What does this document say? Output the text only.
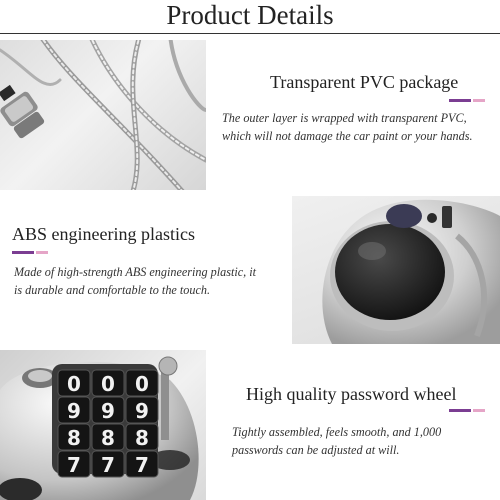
Product Details
Transparent PVC package
The outer layer is wrapped with transparent PVC, which will not damage the car paint or your hands.
ABS engineering plastics
Made of high-strength ABS engineering plastic, it is durable and comfortable to the touch.
0 0 0
9 9 9
8 8 8
7 7 7
High quality password wheel
Tightly assembled, feels smooth, and 1,000 passwords can be adjusted at will.
